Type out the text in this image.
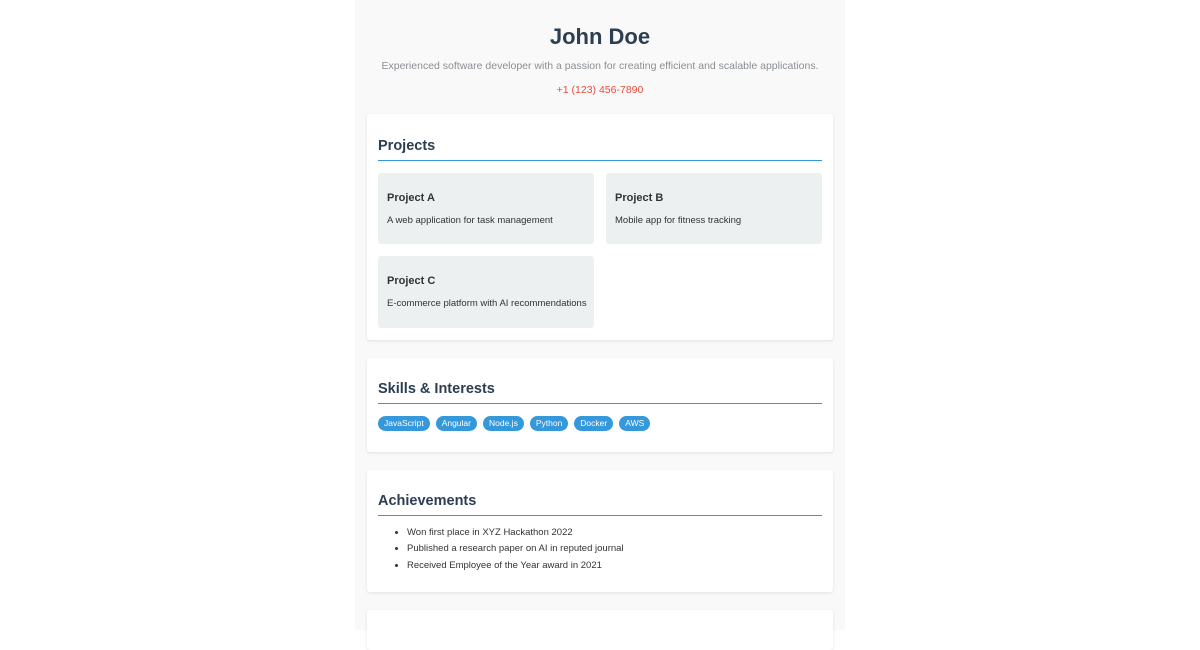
John Doe
Experienced software developer with a passion for creating efficient and scalable applications.
+1 (123) 456-7890
Projects
Project A

A web application for task management

Project B

Mobile app for fitness tracking

Project C

E-commerce platform with AI recommendations

Skills & Interests
JavaScript	Angular	Node.js	Python	Docker	AWS
Achievements
• Won first place in XYZ Hackathon 2022
• Published a research paper on AI in reputed journal
• Received Employee of the Year award in 2021
